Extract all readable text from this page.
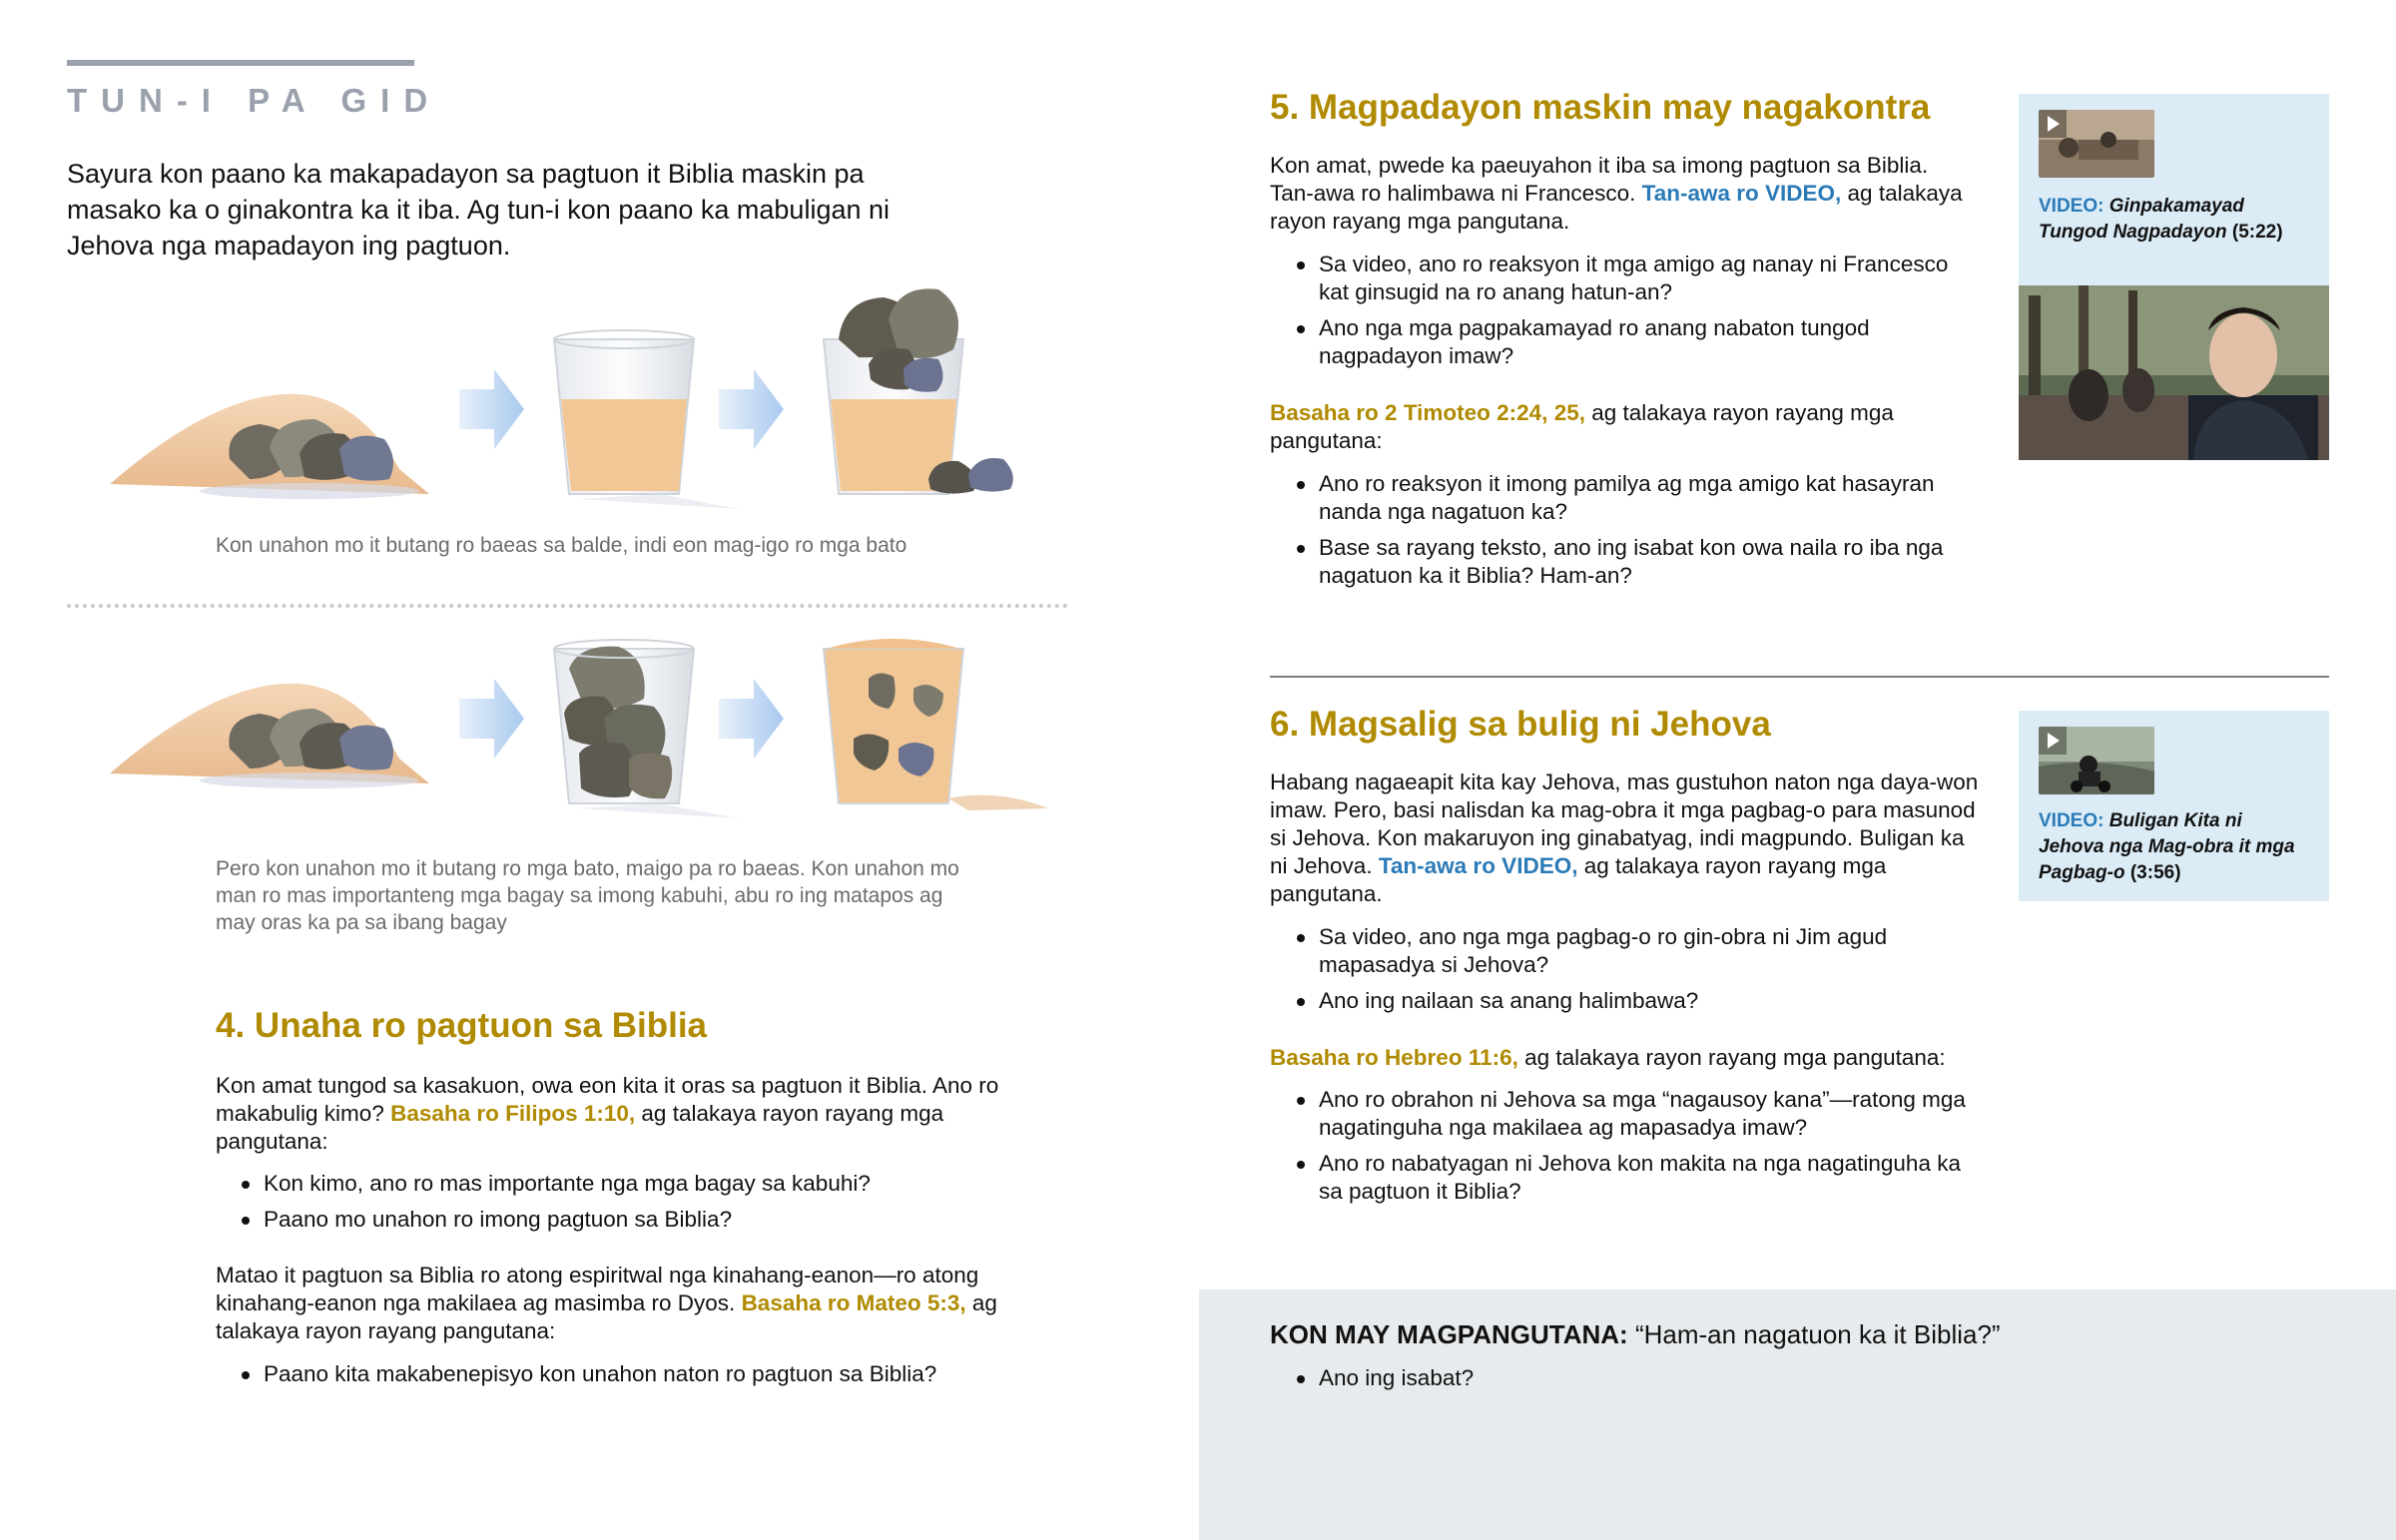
TUN-I PA GID

Sayura kon paano ka makapadayon sa pagtuon it Biblia maskin pa masako ka o ginakontra ka it iba. Ag tun-i kon paano ka mabuligan ni Jehova nga mapadayon ing pagtuon.

Kon unahon mo it butang ro baeas sa balde, indi eon mag-igo ro mga bato
Pero kon unahon mo it butang ro mga bato, maigo pa ro baeas. Kon unahon mo man ro mas importanteng mga bagay sa imong kabuhi, abu ro ing matapos ag may oras ka pa sa ibang bagay
4. Unaha ro pagtuon sa Biblia

Kon amat tungod sa kasakuon, owa eon kita it oras sa pagtuon it Biblia. Ano ro makabulig kimo? Basaha ro Filipos 1:10, ag talakaya rayon rayang mga pangutana:

Kon kimo, ano ro mas importante nga mga bagay sa kabuhi?
Paano mo unahon ro imong pagtuon sa Biblia?

Matao it pagtuon sa Biblia ro atong espiritwal nga kinahang-eanon—ro atong kinahang-eanon nga makilaea ag masimba ro Dyos. Basaha ro Mateo 5:3, ag talakaya rayon rayang pangutana:

Paano kita makabenepisyo kon unahon naton ro pagtuon sa Biblia?
5. Magpadayon maskin may nagakontra

Kon amat, pwede ka paeuyahon it iba sa imong pagtuon sa Biblia. Tan-awa ro halimbawa ni Francesco. Tan-awa ro VIDEO, ag talakaya rayon rayang mga pangutana.

Sa video, ano ro reaksyon it mga amigo ag nanay ni Francesco kat ginsugid na ro anang hatun-an?
Ano nga mga pagpakamayad ro anang nabaton tungod nagpadayon imaw?

Basaha ro 2 Timoteo 2:24, 25, ag talakaya rayon rayang mga pangutana:

Ano ro reaksyon it imong pamilya ag mga amigo kat hasayran nanda nga nagatuon ka?
Base sa rayang teksto, ano ing isabat kon owa naila ro iba nga nagatuon ka it Biblia? Ham-an?
VIDEO: Ginpakamayad Tungod Nagpadayon (5:22)
6. Magsalig sa bulig ni Jehova

Habang nagaeapit kita kay Jehova, mas gustuhon naton nga daya-won imaw. Pero, basi nalisdan ka mag-obra it mga pagbag-o para masunod si Jehova. Kon makaruyon ing ginabatyag, indi magpundo. Buligan ka ni Jehova. Tan-awa ro VIDEO, ag talakaya rayon rayang mga pangutana.

Sa video, ano nga mga pagbag-o ro gin-obra ni Jim agud mapasadya si Jehova?
Ano ing nailaan sa anang halimbawa?

Basaha ro Hebreo 11:6, ag talakaya rayon rayang mga pangutana:

Ano ro obrahon ni Jehova sa mga “nagausoy kana”—ratong mga nagatinguha nga makilaea ag mapasadya imaw?
Ano ro nabatyagan ni Jehova kon makita na nga nagatinguha ka sa pagtuon it Biblia?
VIDEO: Buligan Kita ni Jehova nga Mag-obra it mga Pagbag-o (3:56)

KON MAY MAGPANGUTANA: “Ham-an nagatuon ka it Biblia?”

Ano ing isabat?
